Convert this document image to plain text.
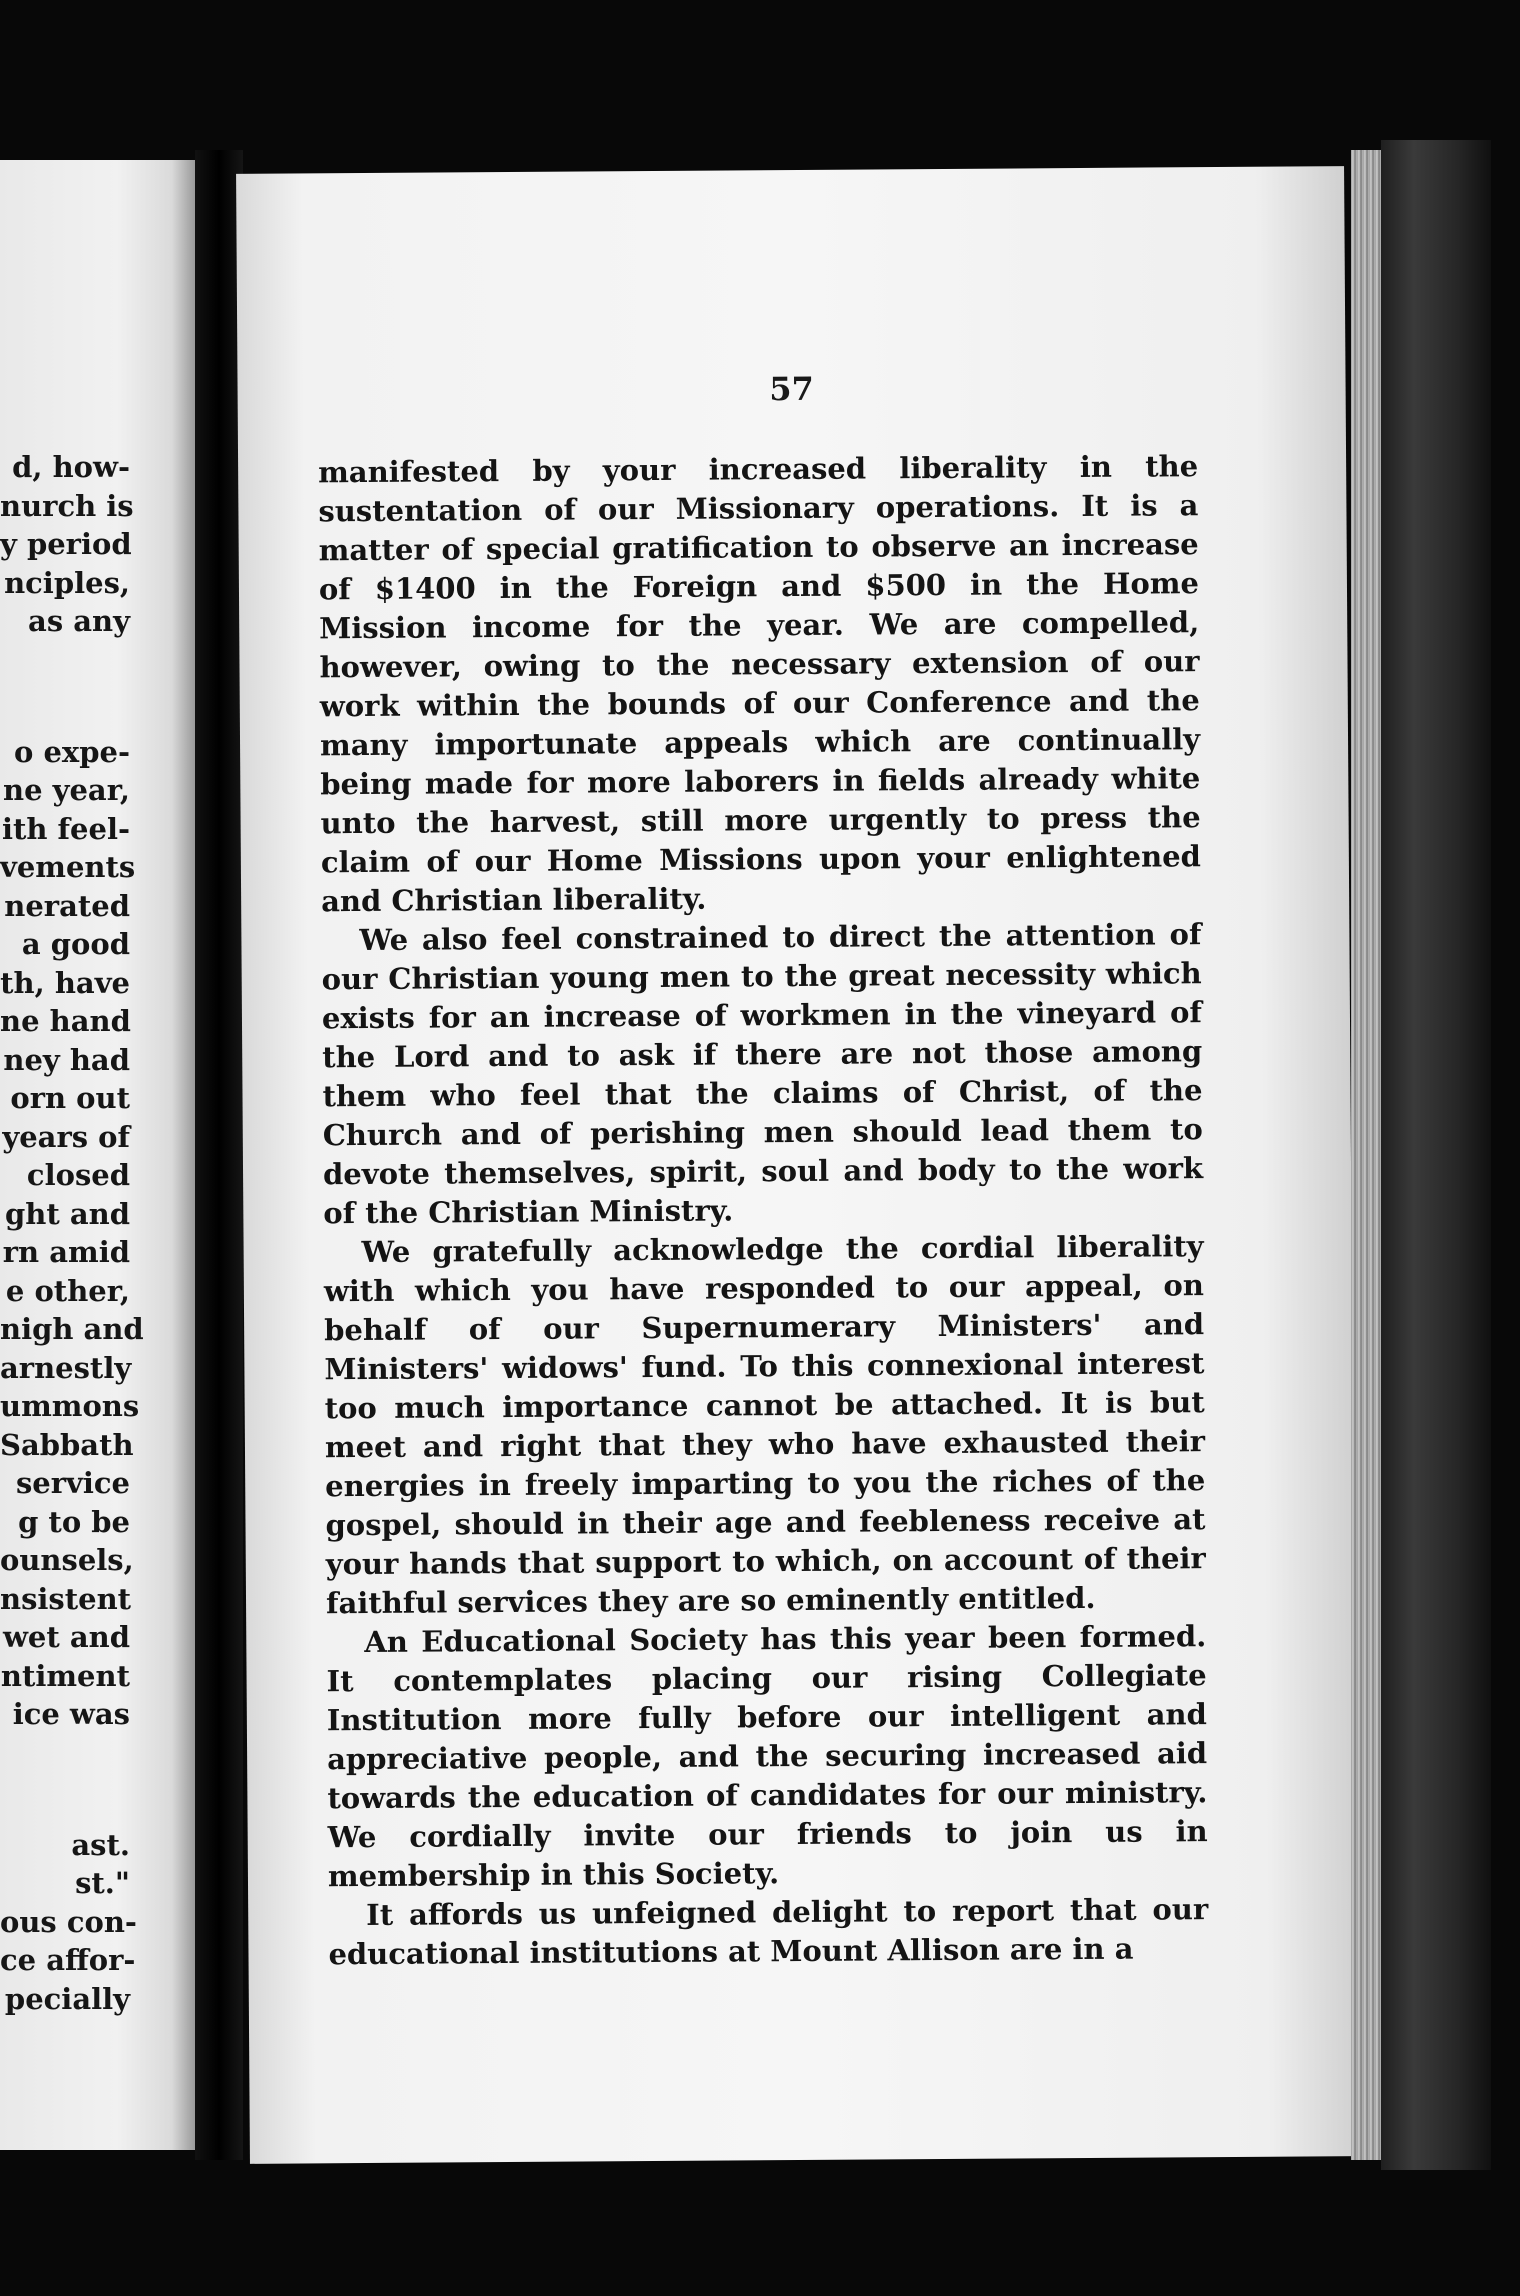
d, how-
nurch is
y period
nciples,
as any
o expe-
ne year,
ith feel-
vements
nerated
a good
th, have
ne hand
ney had
orn out
years of
closed
ght and
rn amid
e other,
nigh and
arnestly
ummons
Sabbath
service
g to be
ounsels,
nsistent
wet and
ntiment
ice was
ast.
st."
ous con-
ce affor-
pecially
57

manifested by your increased liberality in the sustentation of our Missionary operations. It is a matter of special gratification to observe an increase of $1400 in the Foreign and $500 in the Home Mission income for the year. We are compelled, however, owing to the necessary extension of our work within the bounds of our Conference and the many importunate appeals which are continually being made for more laborers in fields already white unto the harvest, still more urgently to press the claim of our Home Missions upon your enlightened and Christian liberality.

We also feel constrained to direct the attention of our Christian young men to the great necessity which exists for an increase of workmen in the vineyard of the Lord and to ask if there are not those among them who feel that the claims of Christ, of the Church and of perishing men should lead them to devote themselves, spirit, soul and body to the work of the Christian Ministry.

We gratefully acknowledge the cordial liberality with which you have responded to our appeal, on behalf of our Supernumerary Ministers' and Ministers' widows' fund. To this connexional interest too much importance cannot be attached. It is but meet and right that they who have exhausted their energies in freely imparting to you the riches of the gospel, should in their age and feebleness receive at your hands that support to which, on account of their faithful services they are so eminently entitled.

An Educational Society has this year been formed. It contemplates placing our rising Collegiate Institution more fully before our intelligent and appreciative people, and the securing increased aid towards the education of candidates for our ministry. We cordially invite our friends to join us in membership in this Society.

It affords us unfeigned delight to report that our educational institutions at Mount Allison are in a
